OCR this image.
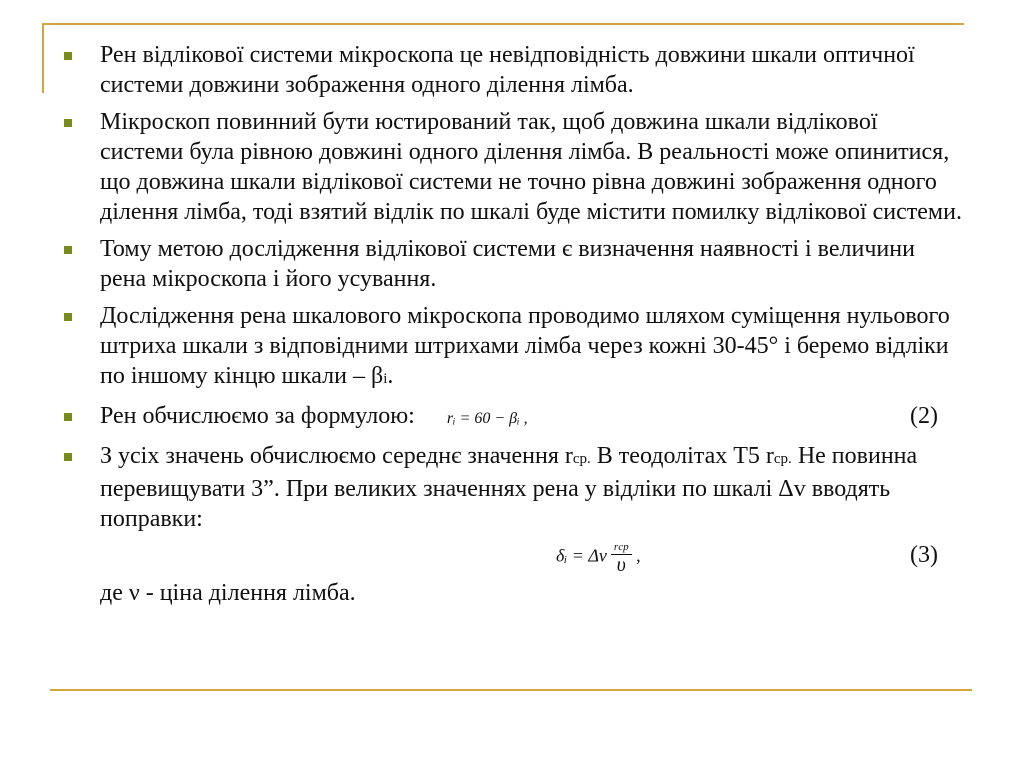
Рен відлікової системи мікроскопа це невідповідність довжини шкали оптичної системи довжини зображення одного ділення лімба.
Мікроскоп повинний бути юстирований так, щоб довжина шкали відлікової системи була рівною довжині одного ділення лімба. В реальності може опинитися, що довжина шкали відлікової системи не точно рівна довжині зображення одного ділення лімба, тоді взятий відлік по шкалі буде містити помилку відлікової системи.
Тому метою дослідження відлікової системи є визначення наявності і величини рена мікроскопа і його усування.
Дослідження рена шкалового мікроскопа проводимо шляхом суміщення нульового штриха шкали з відповідними штрихами лімба через кожні 30-45° і беремо відліки по іншому кінцю шкали – βi.
Рен обчислюємо за формулою: rᵢ = 60 − βᵢ ,	(2)
З усіх значень обчислюємо середнє значення rср. В теодолітах Т5 rср. Не повинна перевищувати 3”. При великих значеннях рена у відліки по шкалі Δv вводять поправки:
δᵢ = Δν $\frac{\text{rср}}{\upsilon}$ ,	(3)
де ν - ціна ділення лімба.
